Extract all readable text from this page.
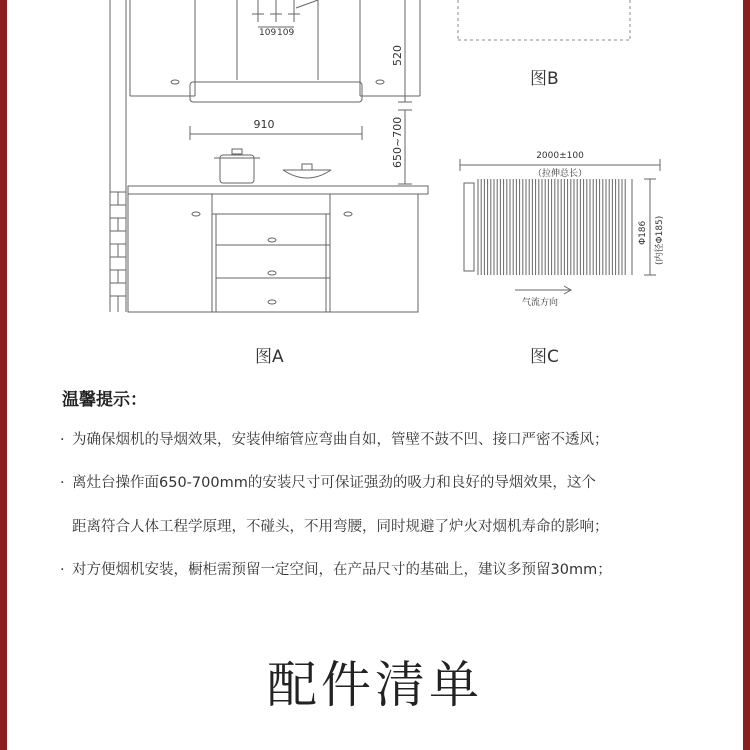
109 109
910
520
650~700	2000±100
（拉伸总长）
Φ186 (内径Φ185)
气流方向
图B
图A	图C
温馨提示：
· 为确保烟机的导烟效果，安装伸缩管应弯曲自如，管壁不鼓不凹、接口严密不透风；
· 离灶台操作面650-700mm的安装尺寸可保证强劲的吸力和良好的导烟效果，这个
距离符合人体工程学原理，不碰头，不用弯腰，同时规避了炉火对烟机寿命的影响；
· 对方便烟机安装，橱柜需预留一定空间，在产品尺寸的基础上，建议多预留30mm；
配件清单
